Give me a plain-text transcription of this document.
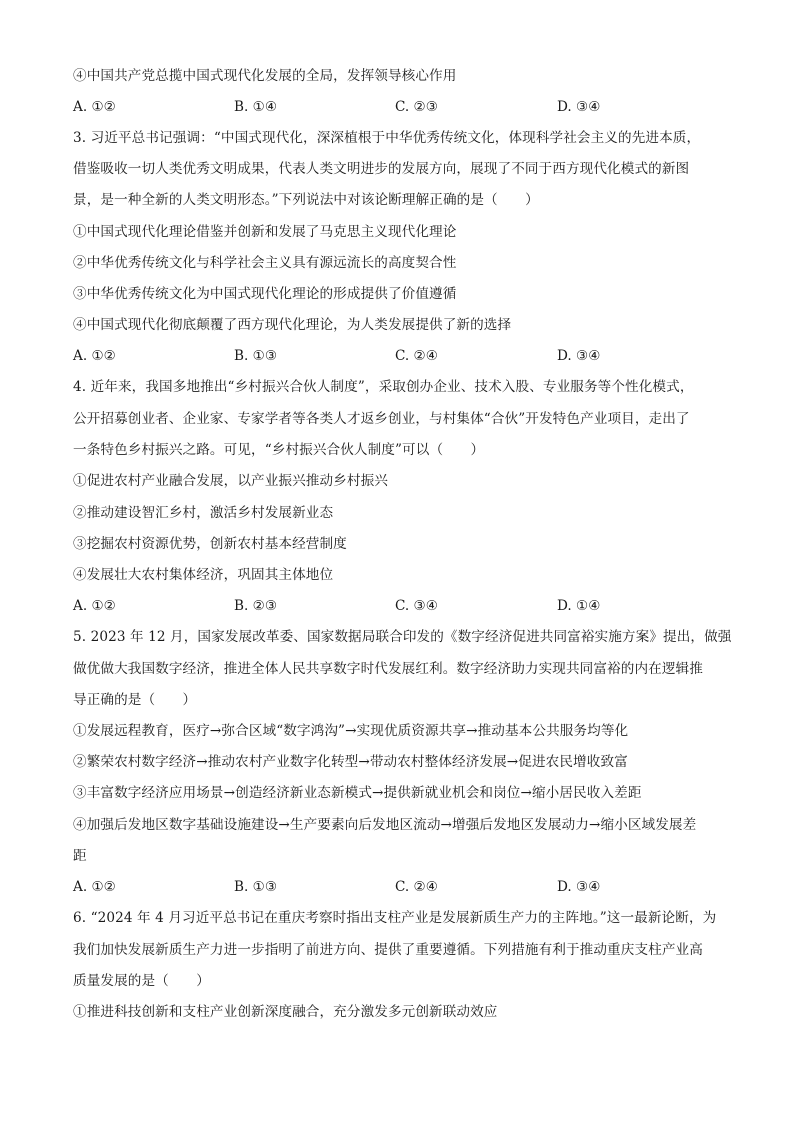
④中国共产党总揽中国式现代化发展的全局，发挥领导核心作用
A. ①②	B. ①④	C. ②③	D. ③④
3. 习近平总书记强调：“中国式现代化，深深植根于中华优秀传统文化，体现科学社会主义的先进本质，
借鉴吸收一切人类优秀文明成果，代表人类文明进步的发展方向，展现了不同于西方现代化模式的新图
景，是一种全新的人类文明形态。”下列说法中对该论断理解正确的是（　　）
①中国式现代化理论借鉴并创新和发展了马克思主义现代化理论
②中华优秀传统文化与科学社会主义具有源远流长的高度契合性
③中华优秀传统文化为中国式现代化理论的形成提供了价值遵循
④中国式现代化彻底颠覆了西方现代化理论，为人类发展提供了新的选择
A. ①②	B. ①③	C. ②④	D. ③④
4. 近年来，我国多地推出“乡村振兴合伙人制度”，采取创办企业、技术入股、专业服务等个性化模式，
公开招募创业者、企业家、专家学者等各类人才返乡创业，与村集体“合伙”开发特色产业项目，走出了
一条特色乡村振兴之路。可见，“乡村振兴合伙人制度”可以（　　）
①促进农村产业融合发展，以产业振兴推动乡村振兴
②推动建设智汇乡村，激活乡村发展新业态
③挖掘农村资源优势，创新农村基本经营制度
④发展壮大农村集体经济，巩固其主体地位
A. ①②	B. ②③	C. ③④	D. ①④
5. 2023 年 12 月，国家发展改革委、国家数据局联合印发的《数字经济促进共同富裕实施方案》提出，做强
做优做大我国数字经济，推进全体人民共享数字时代发展红利。数字经济助力实现共同富裕的内在逻辑推
导正确的是（　　）
①发展远程教育，医疗→弥合区域“数字鸿沟”→实现优质资源共享→推动基本公共服务均等化
②繁荣农村数字经济→推动农村产业数字化转型→带动农村整体经济发展→促进农民增收致富
③丰富数字经济应用场景→创造经济新业态新模式→提供新就业机会和岗位→缩小居民收入差距
④加强后发地区数字基础设施建设→生产要素向后发地区流动→增强后发地区发展动力→缩小区域发展差
距
A. ①②	B. ①③	C. ②④	D. ③④
6. “2024 年 4 月习近平总书记在重庆考察时指出支柱产业是发展新质生产力的主阵地。”这一最新论断，为
我们加快发展新质生产力进一步指明了前进方向、提供了重要遵循。下列措施有利于推动重庆支柱产业高
质量发展的是（　　）
①推进科技创新和支柱产业创新深度融合，充分激发多元创新联动效应
